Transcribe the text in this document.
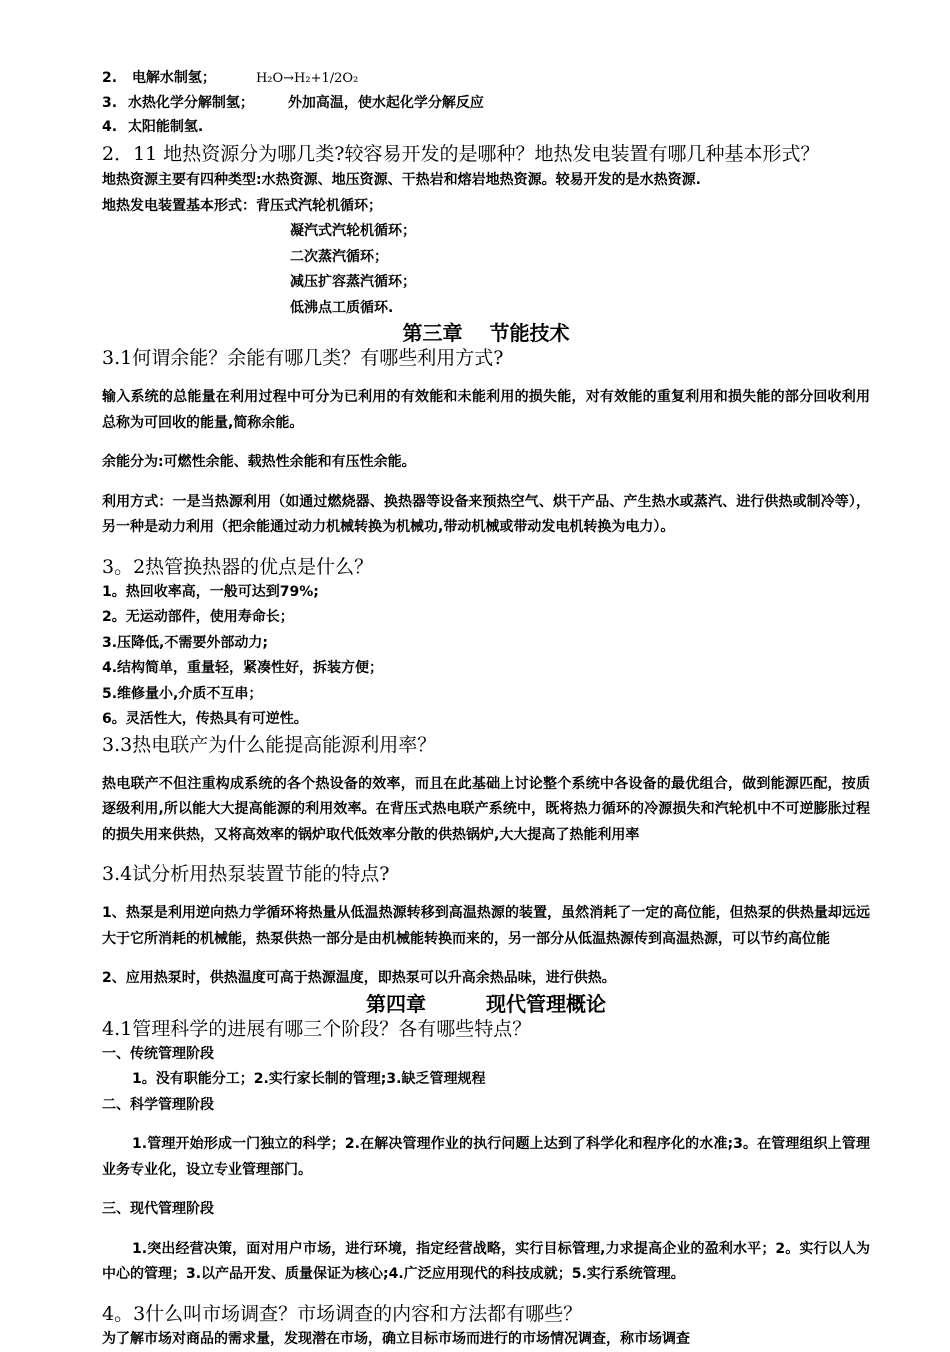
2. 电解水制氢；	H₂O→H₂+1/2O₂

3. 水热化学分解制氢； 外加高温，使水起化学分解反应

4. 太阳能制氢.

2．11 地热资源分为哪几类?较容易开发的是哪种？地热发电装置有哪几种基本形式？

地热资源主要有四种类型:水热资源、地压资源、干热岩和熔岩地热资源。较易开发的是水热资源.

地热发电装置基本形式：背压式汽轮机循环；

凝汽式汽轮机循环；

二次蒸汽循环；

减压扩容蒸汽循环；

低沸点工质循环.

第三章　 节能技术

3.1何谓余能？余能有哪几类？有哪些利用方式?

输入系统的总能量在利用过程中可分为已利用的有效能和未能利用的损失能，对有效能的重复利用和损失能的部分回收利用总称为可回收的能量,简称余能。

余能分为:可燃性余能、载热性余能和有压性余能。

利用方式：一是当热源利用（如通过燃烧器、换热器等设备来预热空气、烘干产品、产生热水或蒸汽、进行供热或制冷等），另一种是动力利用（把余能通过动力机械转换为机械功,带动机械或带动发电机转换为电力）。

3。2热管换热器的优点是什么？

1。热回收率高，一般可达到79%;

2。无运动部件，使用寿命长；

3.压降低,不需要外部动力;

4.结构简单，重量轻，紧凑性好，拆装方便；

5.维修量小,介质不互串；

6。灵活性大，传热具有可逆性。

3.3热电联产为什么能提高能源利用率？

热电联产不但注重构成系统的各个热设备的效率，而且在此基础上讨论整个系统中各设备的最优组合，做到能源匹配，按质逐级利用,所以能大大提高能源的利用效率。在背压式热电联产系统中，既将热力循环的冷源损失和汽轮机中不可逆膨胀过程的损失用来供热，又将高效率的锅炉取代低效率分散的供热锅炉,大大提高了热能利用率

3.4试分析用热泵装置节能的特点?

1、热泵是利用逆向热力学循环将热量从低温热源转移到高温热源的装置，虽然消耗了一定的高位能，但热泵的供热量却远远大于它所消耗的机械能，热泵供热一部分是由机械能转换而来的，另一部分从低温热源传到高温热源，可以节约高位能

2、应用热泵时，供热温度可高于热源温度，即热泵可以升高余热品味，进行供热。

第四章　　　现代管理概论

4.1管理科学的进展有哪三个阶段？各有哪些特点？

一、传统管理阶段

1。没有职能分工；2.实行家长制的管理;3.缺乏管理规程

二、科学管理阶段

1.管理开始形成一门独立的科学；2.在解决管理作业的执行问题上达到了科学化和程序化的水准;3。在管理组织上管理业务专业化，设立专业管理部门。

三、现代管理阶段

1.突出经营决策，面对用户市场，进行环境，指定经营战略，实行目标管理,力求提高企业的盈利水平；2。实行以人为中心的管理；3.以产品开发、质量保证为核心;4.广泛应用现代的科技成就；5.实行系统管理。

4。3什么叫市场调查？市场调查的内容和方法都有哪些？

为了解市场对商品的需求量，发现潜在市场，确立目标市场而进行的市场情况调查，称市场调查
